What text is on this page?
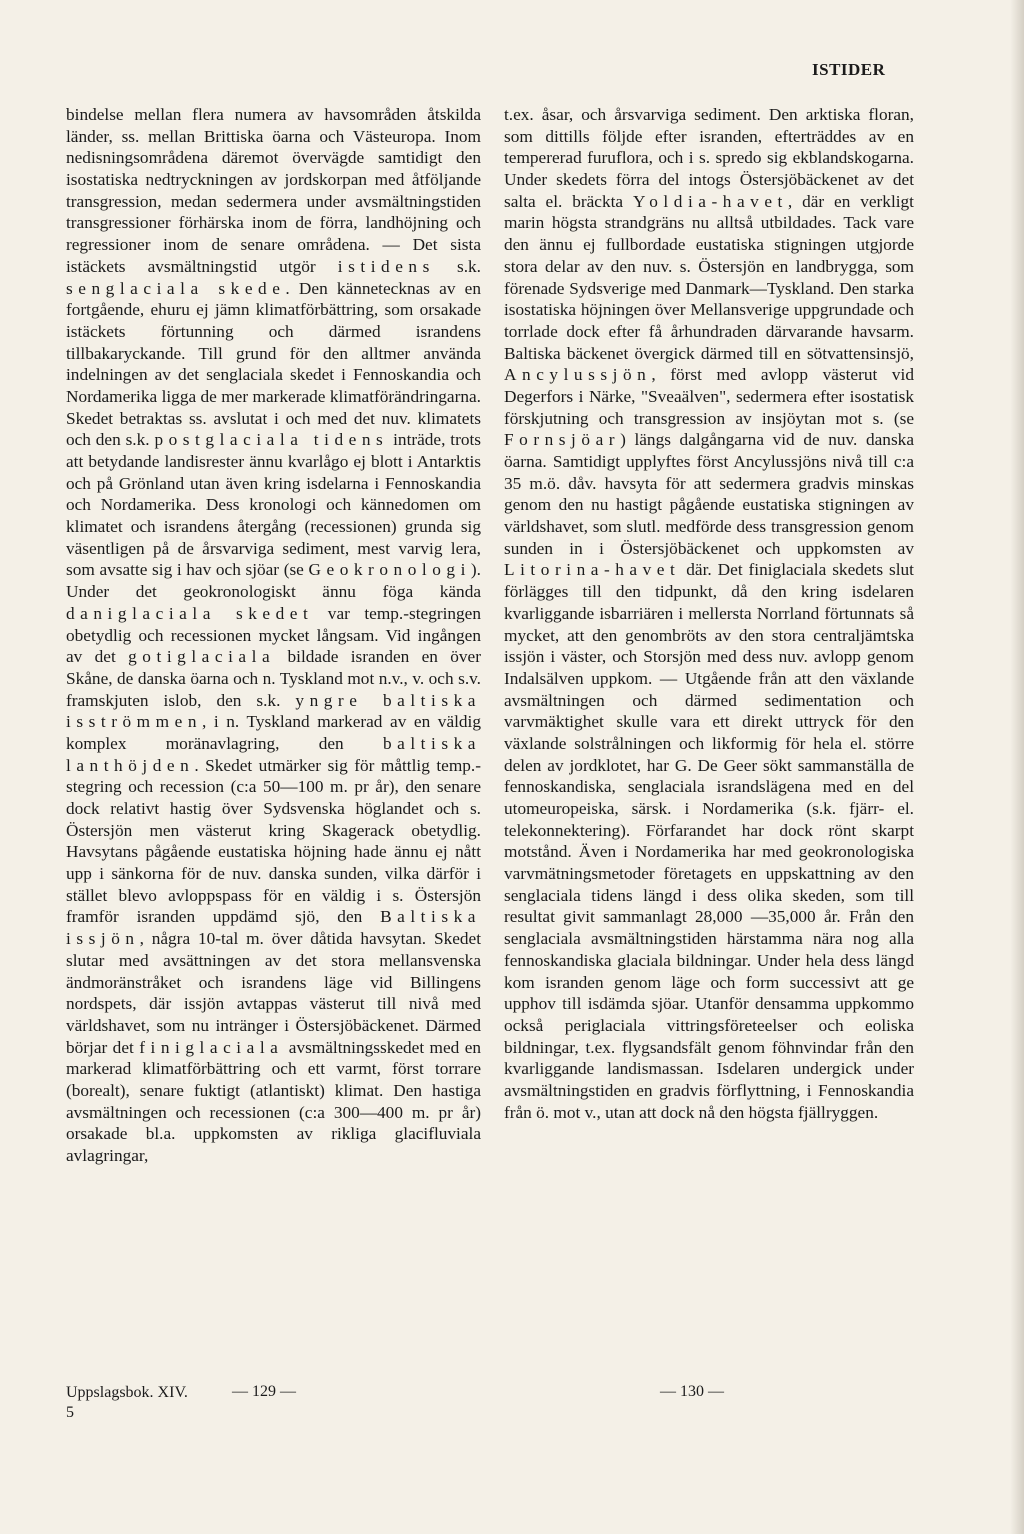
ISTIDER

bindelse mellan flera numera av havsområden åtskilda länder, ss. mellan Brittiska öarna och Västeuropa. Inom nedisningsområdena däremot övervägde samtidigt den isostatiska nedtryckningen av jordskorpan med åtföljande transgression, medan sedermera under avsmältningstiden transgressioner förhärska inom de förra, landhöjning och regressioner inom de senare områdena. — Det sista istäckets avsmältningstid utgör istidens s.k. senglaciala skede. Den kännetecknas av en fortgående, ehuru ej jämn klimatförbättring, som orsakade istäckets förtunning och därmed israndens tillbakaryckande. Till grund för den alltmer använda indelningen av det senglaciala skedet i Fennoskandia och Nordamerika ligga de mer markerade klimatförändringarna. Skedet betraktas ss. avslutat i och med det nuv. klimatets och den s.k. postglaciala tidens inträde, trots att betydande landisrester ännu kvarlågo ej blott i Antarktis och på Grönland utan även kring isdelarna i Fennoskandia och Nordamerika. Dess kronologi och kännedomen om klimatet och israndens återgång (recessionen) grunda sig väsentligen på de årsvarviga sediment, mest varvig lera, som avsatte sig i hav och sjöar (se Geokronologi). Under det geokronologiskt ännu föga kända daniglaciala skedet var temp.-stegringen obetydlig och recessionen mycket långsam. Vid ingången av det gotiglaciala bildade isranden en över Skåne, de danska öarna och n. Tyskland mot n.v., v. och s.v. framskjuten islob, den s.k. yngre baltiska isströmmen, i n. Tyskland markerad av en väldig komplex moränavlagring, den baltiska lanthöjden. Skedet utmärker sig för måttlig temp.-stegring och recession (c:a 50—100 m. pr år), den senare dock relativt hastig över Sydsvenska höglandet och s. Östersjön men västerut kring Skagerack obetydlig. Havsytans pågående eustatiska höjning hade ännu ej nått upp i sänkorna för de nuv. danska sunden, vilka därför i stället blevo avloppspass för en väldig i s. Östersjön framför isranden uppdämd sjö, den Baltiska issjön, några 10-tal m. över dåtida havsytan. Skedet slutar med avsättningen av det stora mellansvenska ändmoränstråket och israndens läge vid Billingens nordspets, där issjön avtappas västerut till nivå med världshavet, som nu intränger i Östersjöbäckenet. Därmed börjar det finiglaciala avsmältningsskedet med en markerad klimatförbättring och ett varmt, först torrare (borealt), senare fuktigt (atlantiskt) klimat. Den hastiga avsmältningen och recessionen (c:a 300—400 m. pr år) orsakade bl.a. uppkomsten av rikliga glacifluviala avlagringar,

t.ex. åsar, och årsvarviga sediment. Den arktiska floran, som dittills följde efter isranden, efterträddes av en tempererad furuflora, och i s. spredo sig ekblandskogarna. Under skedets förra del intogs Östersjöbäckenet av det salta el. bräckta Yoldia-havet, där en verkligt marin högsta strandgräns nu alltså utbildades. Tack vare den ännu ej fullbordade eustatiska stigningen utgjorde stora delar av den nuv. s. Östersjön en landbrygga, som förenade Sydsverige med Danmark—Tyskland. Den starka isostatiska höjningen över Mellansverige uppgrundade och torrlade dock efter få århundraden därvarande havsarm. Baltiska bäckenet övergick därmed till en sötvattensinsjö, Ancylussjön, först med avlopp västerut vid Degerfors i Närke, "Sveaälven", sedermera efter isostatisk förskjutning och transgression av insjöytan mot s. (se Fornsjöar) längs dalgångarna vid de nuv. danska öarna. Samtidigt upplyftes först Ancylussjöns nivå till c:a 35 m.ö. dåv. havsyta för att sedermera gradvis minskas genom den nu hastigt pågående eustatiska stigningen av världshavet, som slutl. medförde dess transgression genom sunden in i Östersjöbäckenet och uppkomsten av Litorina-havet där. Det finiglaciala skedets slut förlägges till den tidpunkt, då den kring isdelaren kvarliggande isbarriären i mellersta Norrland förtunnats så mycket, att den genombröts av den stora centraljämtska issjön i väster, och Storsjön med dess nuv. avlopp genom Indalsälven uppkom. — Utgående från att den växlande avsmältningen och därmed sedimentation och varvmäktighet skulle vara ett direkt uttryck för den växlande solstrålningen och likformig för hela el. större delen av jordklotet, har G. De Geer sökt sammanställa de fennoskandiska, senglaciala israndslägena med en del utomeuropeiska, särsk. i Nordamerika (s.k. fjärr- el. telekonnektering). Förfarandet har dock rönt skarpt motstånd. Även i Nordamerika har med geokronologiska varvmätningsmetoder företagets en uppskattning av den senglaciala tidens längd i dess olika skeden, som till resultat givit sammanlagt 28,000 —35,000 år. Från den senglaciala avsmältningstiden härstamma nära nog alla fennoskandiska glaciala bildningar. Under hela dess längd kom isranden genom läge och form successivt att ge upphov till isdämda sjöar. Utanför densamma uppkommo också periglaciala vittringsföreteelser och eoliska bildningar, t.ex. flygsandsfält genom föhnvindar från den kvarliggande landismassan. Isdelaren undergick under avsmältningstiden en gradvis förflyttning, i Fennoskandia från ö. mot v., utan att dock nå den högsta fjällryggen.

Uppslagsbok. XIV.
5
— 129 —	— 130 —
